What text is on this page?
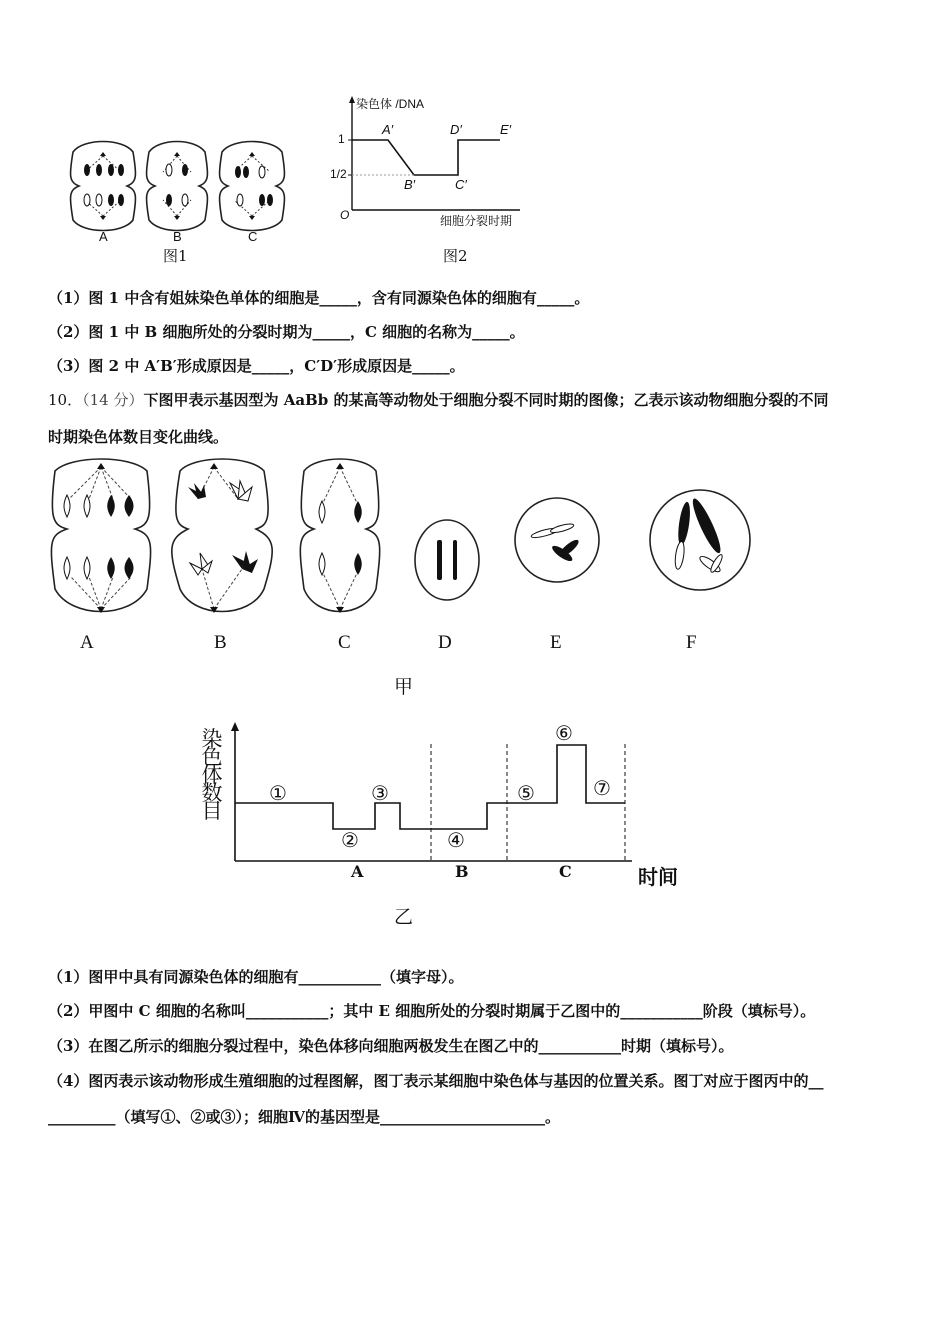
A	B	C
图1
染色体 /DNA
1
1/2
O
A′
B′	C′
D′	E′
细胞分裂时期
图2
（1）图 1 中含有姐妹染色单体的细胞是_____，含有同源染色体的细胞有_____。
（2）图 1 中 B 细胞所处的分裂时期为_____，C 细胞的名称为_____。
（3）图 2 中 A′B′形成原因是_____，C′D′形成原因是_____。
10．（14 分）下图甲表示基因型为 AaBb 的某高等动物处于细胞分裂不同时期的图像；乙表示该动物细胞分裂的不同
时期染色体数目变化曲线。
A	B	C	D	E	F
甲
染
色
体
数
目
①
②
③
④
⑤
⑥
⑦
A	B	C	时间
乙
（1）图甲中具有同源染色体的细胞有___________（填字母）。
（2）甲图中 C 细胞的名称叫___________；其中 E 细胞所处的分裂时期属于乙图中的___________阶段（填标号）。
（3）在图乙所示的细胞分裂过程中，染色体移向细胞两极发生在图乙中的___________时期（填标号）。
（4）图丙表示该动物形成生殖细胞的过程图解，图丁表示某细胞中染色体与基因的位置关系。图丁对应于图丙中的__
_________（填写①、②或③）；细胞Ⅳ的基因型是______________________。
